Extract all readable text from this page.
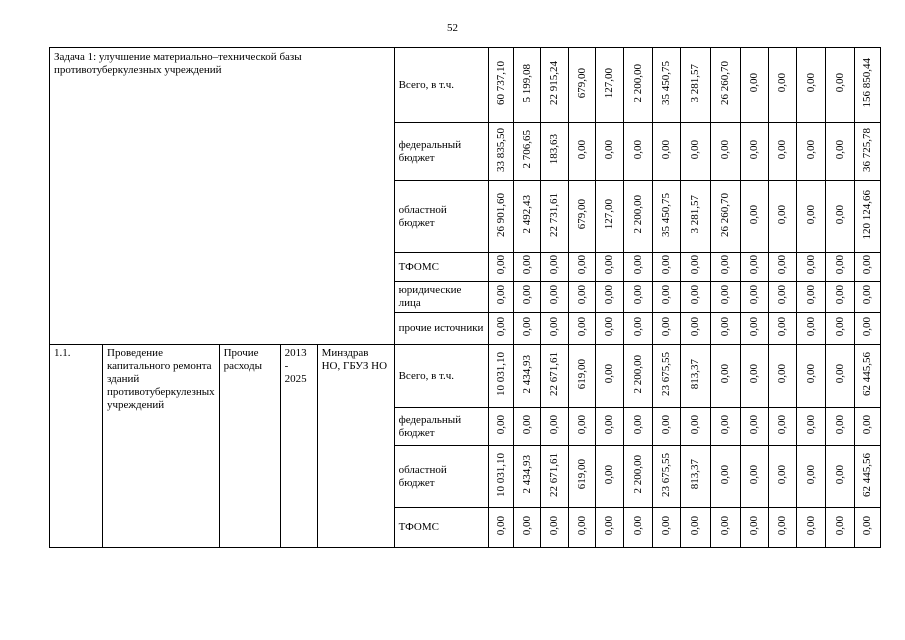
52
Задача 1: улучшение материально–технической базы противотуберкулезных учреждений					Всего, в т.ч.	60 737,10	5 199,08	22 915,24	679,00	127,00	2 200,00	35 450,75	3 281,57	26 260,70	0,00	0,00	0,00	0,00	156 850,44
					федеральный бюджет	33 835,50	2 706,65	183,63	0,00	0,00	0,00	0,00	0,00	0,00	0,00	0,00	0,00	0,00	36 725,78
					областной бюджет	26 901,60	2 492,43	22 731,61	679,00	127,00	2 200,00	35 450,75	3 281,57	26 260,70	0,00	0,00	0,00	0,00	120 124,66
					ТФОМС	0,00	0,00	0,00	0,00	0,00	0,00	0,00	0,00	0,00	0,00	0,00	0,00	0,00	0,00
					юридические лица	0,00	0,00	0,00	0,00	0,00	0,00	0,00	0,00	0,00	0,00	0,00	0,00	0,00	0,00
					прочие источники	0,00	0,00	0,00	0,00	0,00	0,00	0,00	0,00	0,00	0,00	0,00	0,00	0,00	0,00
1.1.	Проведение капитального ремонта зданий противотуберкулезных учреждений	Прочие расходы	2013 - 2025	Минздрав НО, ГБУЗ НО	Всего, в т.ч.	10 031,10	2 434,93	22 671,61	619,00	0,00	2 200,00	23 675,55	813,37	0,00	0,00	0,00	0,00	0,00	62 445,56
					федеральный бюджет	0,00	0,00	0,00	0,00	0,00	0,00	0,00	0,00	0,00	0,00	0,00	0,00	0,00	0,00
					областной бюджет	10 031,10	2 434,93	22 671,61	619,00	0,00	2 200,00	23 675,55	813,37	0,00	0,00	0,00	0,00	0,00	62 445,56
					ТФОМС	0,00	0,00	0,00	0,00	0,00	0,00	0,00	0,00	0,00	0,00	0,00	0,00	0,00	0,00
